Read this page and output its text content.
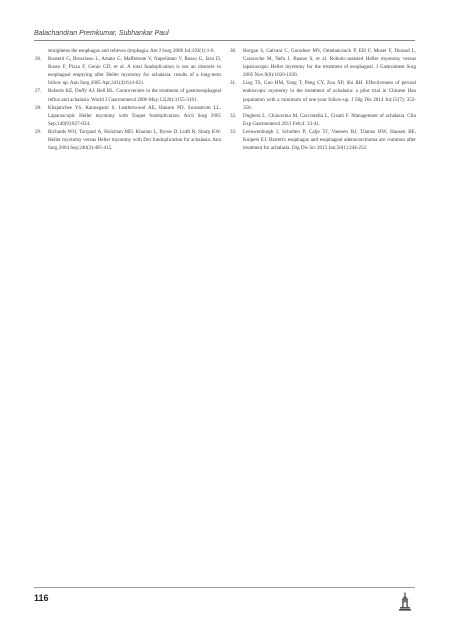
Balachandran Premkumar, Subhankar Paul

straightens the esophagus and relieves dysphagia. Am J Surg 2006 Jul;192(1):1-8.

26. Rossetti G, Brusciano L, Amato G, Maffettone V, Napolitano V, Russo G, Izzo D, Russo F, Pizza F, Genio GD, et al. A total fundoplication is not an obstacle to esophageal emptying after Heller myotomy for achalasia: results of a long-term follow up. Ann Surg 2005 Apr;241(4):614-621.

27. Roberts KE, Duffy AJ, Bell RL. Controversies in the treatment of gastroesophageal reflux and achalasia. World J Gastroenterol 2006 May;12(20):3155-3161.

28. Khajanchee YS, Kanneganti S, Leatherwood AE, Hansen PD, Swanstrom LL. Laparoscopic Heller myotomy with Toupet fundoplication. Arch Surg 2005 Sep;140(9):827-834.

29. Richards WO, Torquati A, Holzman MD, Khaitan L, Byrne D, Lutfi R, Sharp KW. Heller myotomy versus Heller myotomy with Dor fundoplication for achalasia. Ann Surg 2004 Sep;240(3):405-415.

30. Horgan S, Galvani C, Gorodner MV, Omelanczuck P, Elli F, Moser F, Durand L, Caracoche M, Nefa J, Bustos S, et al. Robotic-assisted Heller myotomy versus laparoscopic Heller myotomy for the treatment of esophageal. J Gastrointest Surg 2005 Nov;9(8):1020-1030.

31. Ling TS, Guo HM, Yang T, Peng CY, Zou XP, Shi RH. Effectiveness of peroral endoscopic myotomy in the treatment of achalasia: a pilot trial in Chinese Han population with a minimum of one-year follow-up. J Dig Dis 2014 Jul;15(7): 352-358.

32. Dughera L, Chiaverina M, Cacciotella L, Cisarò F. Management of achalasia. Clin Exp Gastroenterol 2011 Feb;4: 33-41.

33. Leeuwenburgh I, Scholten P, Calje TJ, Vaessen RJ, Tilanus HW, Hansen BE, Kuipers EJ. Barrett's esophagus and esophageal adenocarcinoma are common after treatment for achalasia. Dig Dis Sci 2013 Jan;58(1):244-252.

116
